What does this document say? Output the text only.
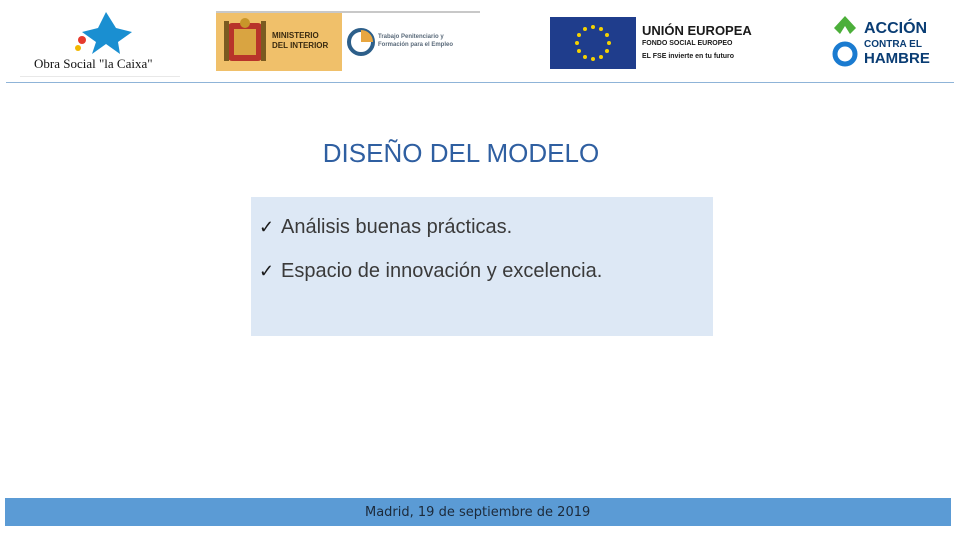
Obra Social "la Caixa"
MINISTERIO
DEL INTERIOR
Trabajo Penitenciario y
Formación para el Empleo
UNIÓN EUROPEA
FONDO SOCIAL EUROPEO
EL FSE invierte en tu futuro
ACCIÓN
CONTRA EL
HAMBRE
DISEÑO DEL MODELO
✓ Análisis buenas prácticas.
✓ Espacio de innovación y excelencia.
Madrid, 19 de septiembre de 2019
